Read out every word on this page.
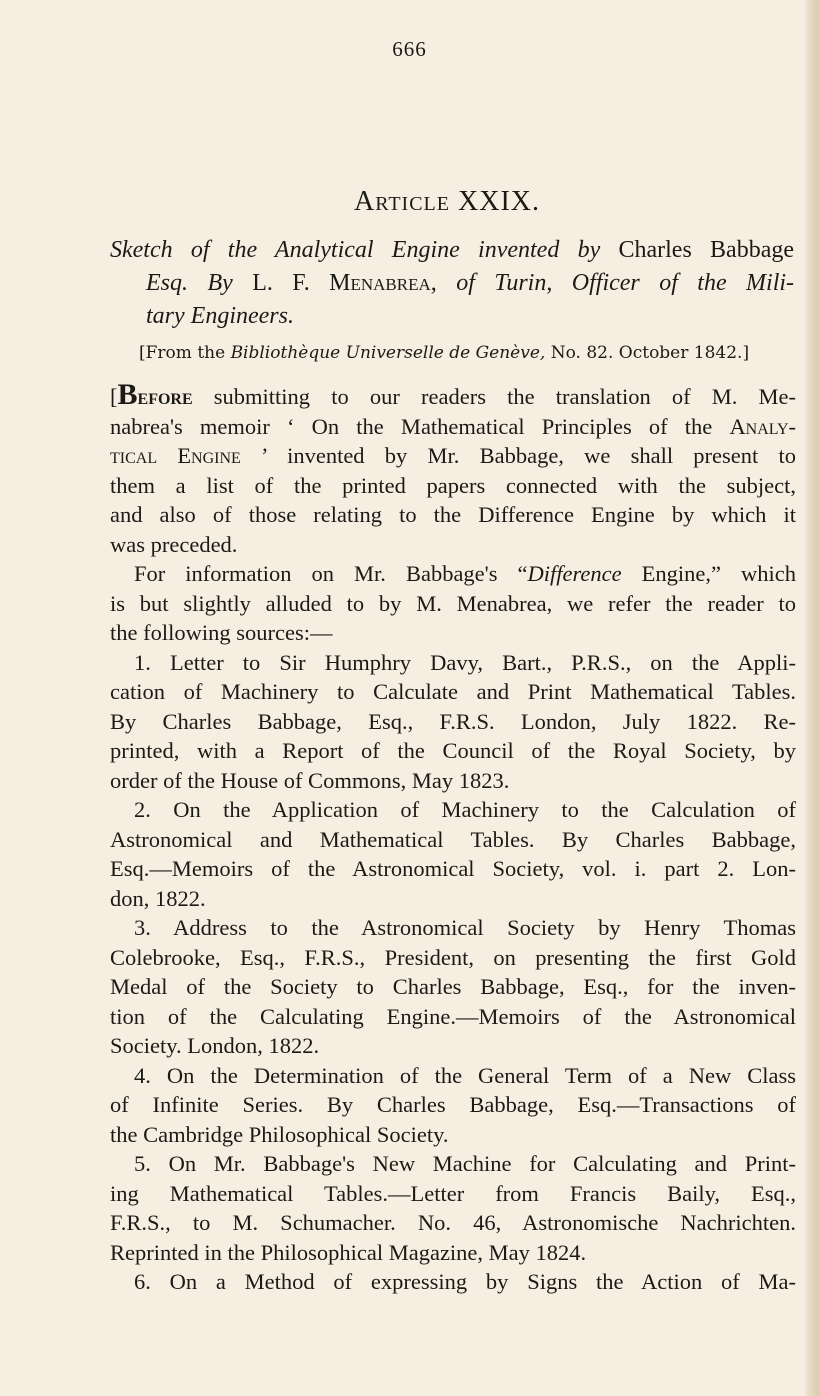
666
Article XXIX.
Sketch of the Analytical Engine invented by Charles Babbage
Esq. By L. F. Menabrea, of Turin, Officer of the Mili-
tary Engineers.
[From the Bibliothèque Universelle de Genève, No. 82. October 1842.]
[Before submitting to our readers the translation of M. Me-
nabrea's memoir ‘ On the Mathematical Principles of the Analy-
tical Engine ’ invented by Mr. Babbage, we shall present to
them a list of the printed papers connected with the subject,
and also of those relating to the Difference Engine by which it
was preceded.
For information on Mr. Babbage's “Difference Engine,” which
is but slightly alluded to by M. Menabrea, we refer the reader to
the following sources:—
1. Letter to Sir Humphry Davy, Bart., P.R.S., on the Appli-
cation of Machinery to Calculate and Print Mathematical Tables.
By Charles Babbage, Esq., F.R.S. London, July 1822. Re-
printed, with a Report of the Council of the Royal Society, by
order of the House of Commons, May 1823.
2. On the Application of Machinery to the Calculation of
Astronomical and Mathematical Tables. By Charles Babbage,
Esq.—Memoirs of the Astronomical Society, vol. i. part 2. Lon-
don, 1822.
3. Address to the Astronomical Society by Henry Thomas
Colebrooke, Esq., F.R.S., President, on presenting the first Gold
Medal of the Society to Charles Babbage, Esq., for the inven-
tion of the Calculating Engine.—Memoirs of the Astronomical
Society. London, 1822.
4. On the Determination of the General Term of a New Class
of Infinite Series. By Charles Babbage, Esq.—Transactions of
the Cambridge Philosophical Society.
5. On Mr. Babbage's New Machine for Calculating and Print-
ing Mathematical Tables.—Letter from Francis Baily, Esq.,
F.R.S., to M. Schumacher. No. 46, Astronomische Nachrichten.
Reprinted in the Philosophical Magazine, May 1824.
6. On a Method of expressing by Signs the Action of Ma-
